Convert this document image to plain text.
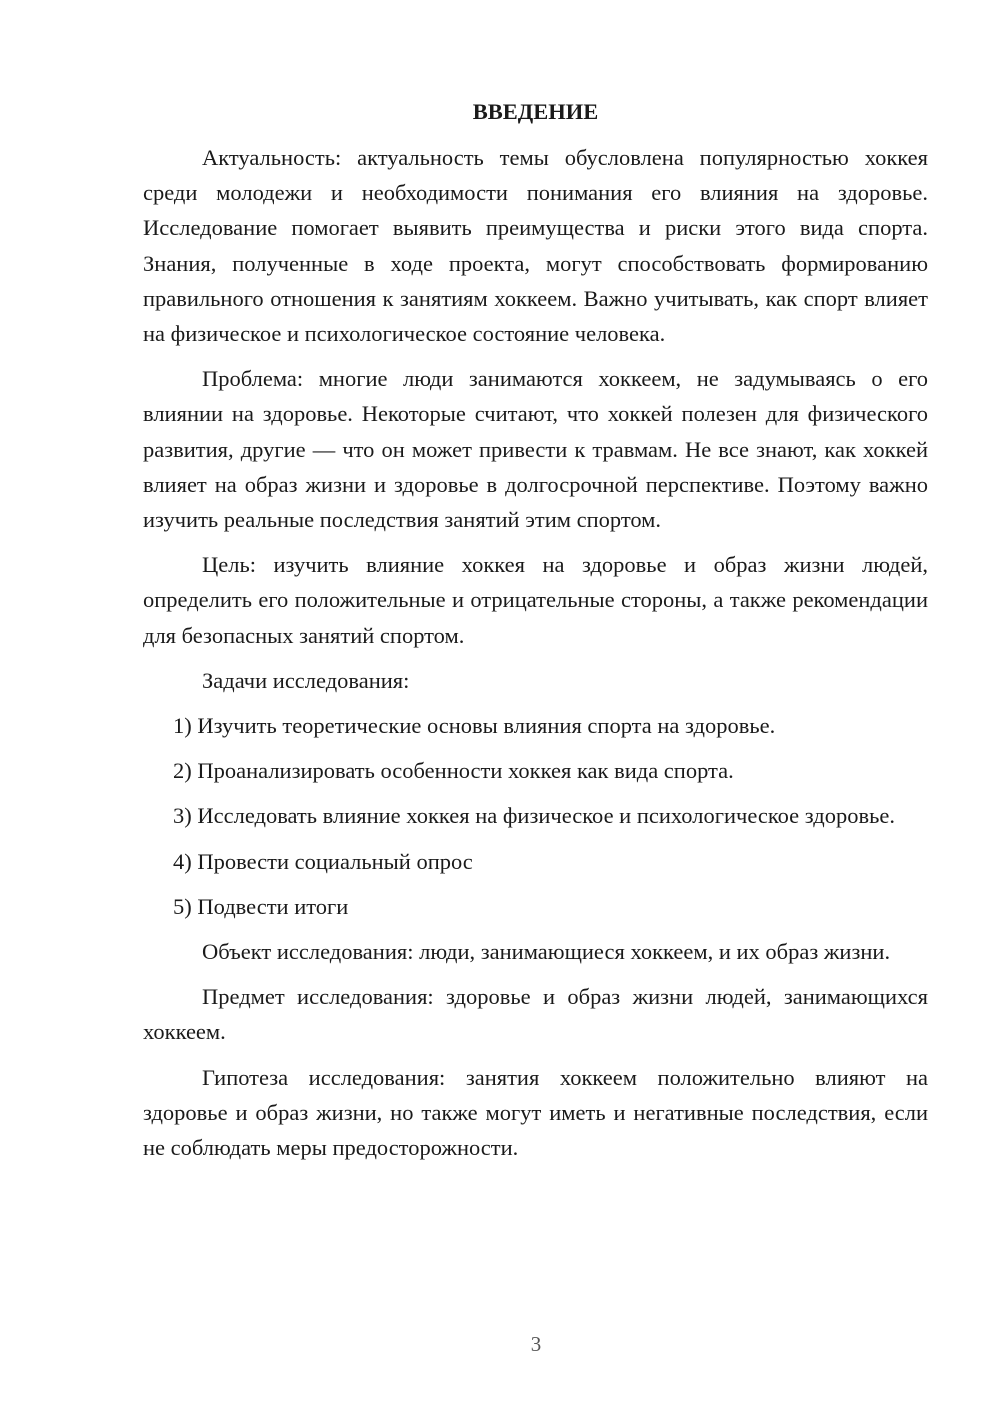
ВВЕДЕНИЕ

Актуальность: актуальность темы обусловлена популярностью хоккея среди молодежи и необходимости понимания его влияния на здоровье. Исследование помогает выявить преимущества и риски этого вида спорта. Знания, полученные в ходе проекта, могут способствовать формированию правильного отношения к занятиям хоккеем. Важно учитывать, как спорт влияет на физическое и психологическое состояние человека.

Проблема: многие люди занимаются хоккеем, не задумываясь о его влиянии на здоровье. Некоторые считают, что хоккей полезен для физического развития, другие — что он может привести к травмам. Не все знают, как хоккей влияет на образ жизни и здоровье в долгосрочной перспективе. Поэтому важно изучить реальные последствия занятий этим спортом.

Цель: изучить влияние хоккея на здоровье и образ жизни людей, определить его положительные и отрицательные стороны, а также рекомендации для безопасных занятий спортом.

Задачи исследования:

1) Изучить теоретические основы влияния спорта на здоровье.

2) Проанализировать особенности хоккея как вида спорта.

3) Исследовать влияние хоккея на физическое и психологическое здоровье.

4) Провести социальный опрос

5) Подвести итоги

Объект исследования: люди, занимающиеся хоккеем, и их образ жизни.

Предмет исследования: здоровье и образ жизни людей, занимающихся хоккеем.

Гипотеза исследования: занятия хоккеем положительно влияют на здоровье и образ жизни, но также могут иметь и негативные последствия, если не соблюдать меры предосторожности.

3
